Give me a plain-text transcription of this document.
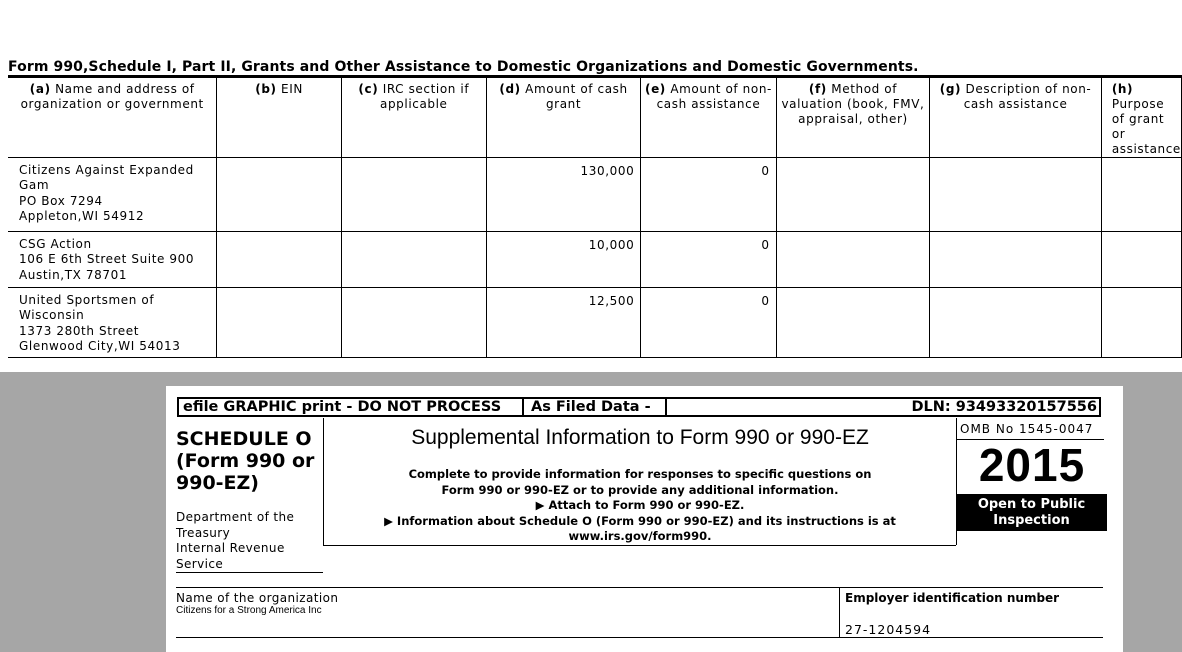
Form 990,Schedule I, Part II, Grants and Other Assistance to Domestic Organizations and Domestic Governments.
(a) Name and address of organization or government	(b) EIN	(c) IRC section if applicable	(d) Amount of cash grant	(e) Amount of non-cash assistance	(f) Method of valuation (book, FMV, appraisal, other)	(g) Description of non-cash assistance	(h) Purpose of grant or assistance

Citizens Against Expanded
Gam
PO Box 7294
Appleton,WI 54912			130,000	0			

CSG Action
106 E 6th Street Suite 900
Austin,TX 78701			10,000	0			

United Sportsmen of
Wisconsin
1373 280th Street
Glenwood City,WI 54013			12,500	0			
efile GRAPHIC print - DO NOT PROCESS As Filed Data -	DLN: 93493320157556
SCHEDULE O
(Form 990 or
990-EZ)
Department of the
Treasury
Internal Revenue
Service
Supplemental Information to Form 990 or 990-EZ
Complete to provide information for responses to specific questions on
Form 990 or 990-EZ or to provide any additional information.
▶ Attach to Form 990 or 990-EZ.
▶ Information about Schedule O (Form 990 or 990-EZ) and its instructions is at
www.irs.gov/form990.
OMB No 1545-0047
2015
Open to Public
Inspection
Name of the organization
Citizens for a Strong America Inc
Employer identification number
27-1204594
